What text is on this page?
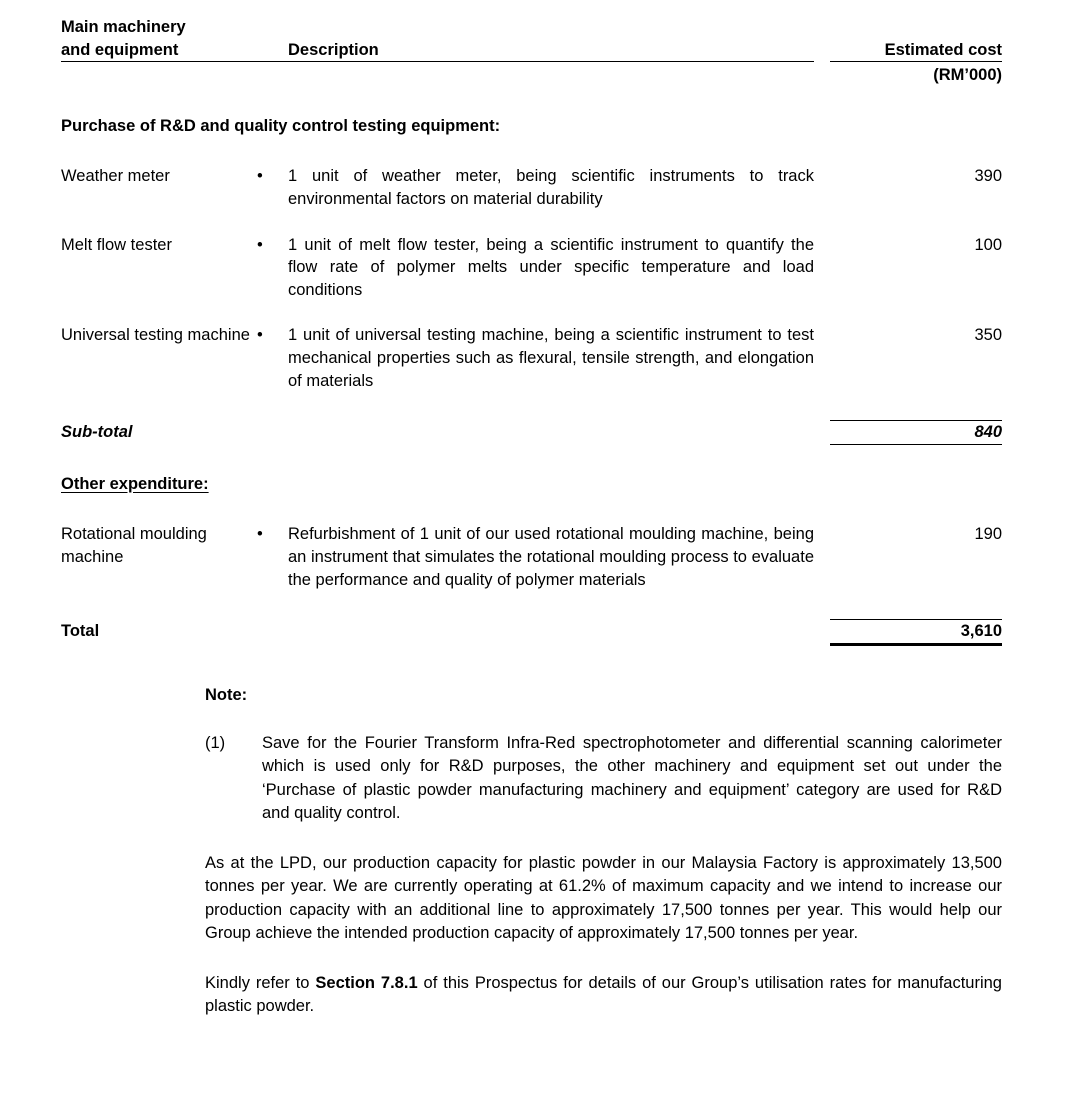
Main machinery
and equipment		Description		Estimated cost

				(RM’000)

Purchase of R&D and quality control testing equipment:				

Weather meter	•	1 unit of weather meter, being scientific instruments to track environmental factors on material durability		390

Melt flow tester	•	1 unit of melt flow tester, being a scientific instrument to quantify the flow rate of polymer melts under specific temperature and load conditions		100

Universal testing machine	•	1 unit of universal testing machine, being a scientific instrument to test mechanical properties such as flexural, tensile strength, and elongation of materials		350

Sub-total				840

Other expenditure:				

Rotational moulding machine	•	Refurbishment of 1 unit of our used rotational moulding machine, being an instrument that simulates the rotational moulding process to evaluate the performance and quality of polymer materials		190

Total				3,610
Note:
(1)	Save for the Fourier Transform Infra-Red spectrophotometer and differential scanning calorimeter which is used only for R&D purposes, the other machinery and equipment set out under the ‘Purchase of plastic powder manufacturing machinery and equipment’ category are used for R&D and quality control.
As at the LPD, our production capacity for plastic powder in our Malaysia Factory is approximately 13,500 tonnes per year. We are currently operating at 61.2% of maximum capacity and we intend to increase our production capacity with an additional line to approximately 17,500 tonnes per year. This would help our Group achieve the intended production capacity of approximately 17,500 tonnes per year.
Kindly refer to Section 7.8.1 of this Prospectus for details of our Group’s utilisation rates for manufacturing plastic powder.
